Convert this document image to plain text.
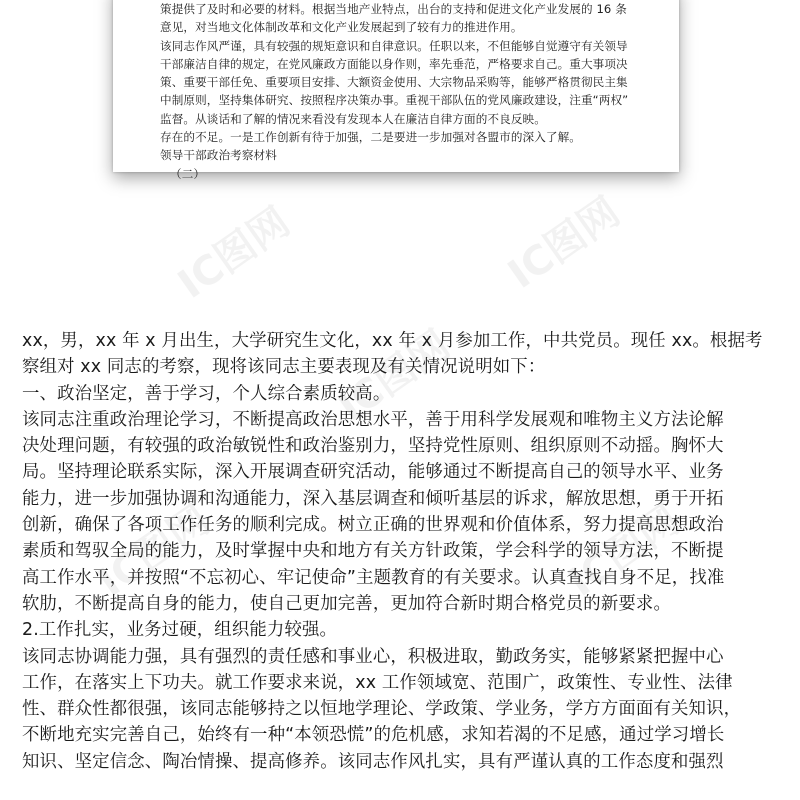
策提供了及时和必要的材料。根据当地产业特点，出台的支持和促进文化产业发展的 16 条
意见，对当地文化体制改革和文化产业发展起到了较有力的推进作用。
该同志作风严谨，具有较强的规矩意识和自律意识。任职以来，不但能够自觉遵守有关领导
干部廉洁自律的规定，在党风廉政方面能以身作则，率先垂范，严格要求自己。重大事项决
策、重要干部任免、重要项目安排、大额资金使用、大宗物品采购等，能够严格贯彻民主集
中制原则，坚持集体研究、按照程序决策办事。重视干部队伍的党风廉政建设，注重“两权”
监督。从谈话和了解的情况来看没有发现本人在廉洁自律方面的不良反映。
存在的不足。一是工作创新有待于加强，二是要进一步加强对各盟市的深入了解。
领导干部政治考察材料
（二）
IC图网	IC图网
IC图网
IC图网	IC图网
xx，男，xx 年 x 月出生，大学研究生文化，xx 年 x 月参加工作，中共党员。现任 xx。根据考
察组对 xx 同志的考察，现将该同志主要表现及有关情况说明如下：
一、政治坚定，善于学习，个人综合素质较高。
该同志注重政治理论学习，不断提高政治思想水平，善于用科学发展观和唯物主义方法论解
决处理问题，有较强的政治敏锐性和政治鉴别力，坚持党性原则、组织原则不动摇。胸怀大
局。坚持理论联系实际，深入开展调查研究活动，能够通过不断提高自己的领导水平、业务
能力，进一步加强协调和沟通能力，深入基层调查和倾听基层的诉求，解放思想，勇于开拓
创新，确保了各项工作任务的顺利完成。树立正确的世界观和价值体系，努力提高思想政治
素质和驾驭全局的能力，及时掌握中央和地方有关方针政策，学会科学的领导方法，不断提
高工作水平，并按照“不忘初心、牢记使命”主题教育的有关要求。认真查找自身不足，找准
软肋，不断提高自身的能力，使自己更加完善，更加符合新时期合格党员的新要求。
2.工作扎实，业务过硬，组织能力较强。
该同志协调能力强，具有强烈的责任感和事业心，积极进取，勤政务实，能够紧紧把握中心
工作，在落实上下功夫。就工作要求来说，xx 工作领域宽、范围广，政策性、专业性、法律
性、群众性都很强，该同志能够持之以恒地学理论、学政策、学业务，学方方面面有关知识，
不断地充实完善自己，始终有一种“本领恐慌”的危机感，求知若渴的不足感，通过学习增长
知识、坚定信念、陶冶情操、提高修养。该同志作风扎实，具有严谨认真的工作态度和强烈
